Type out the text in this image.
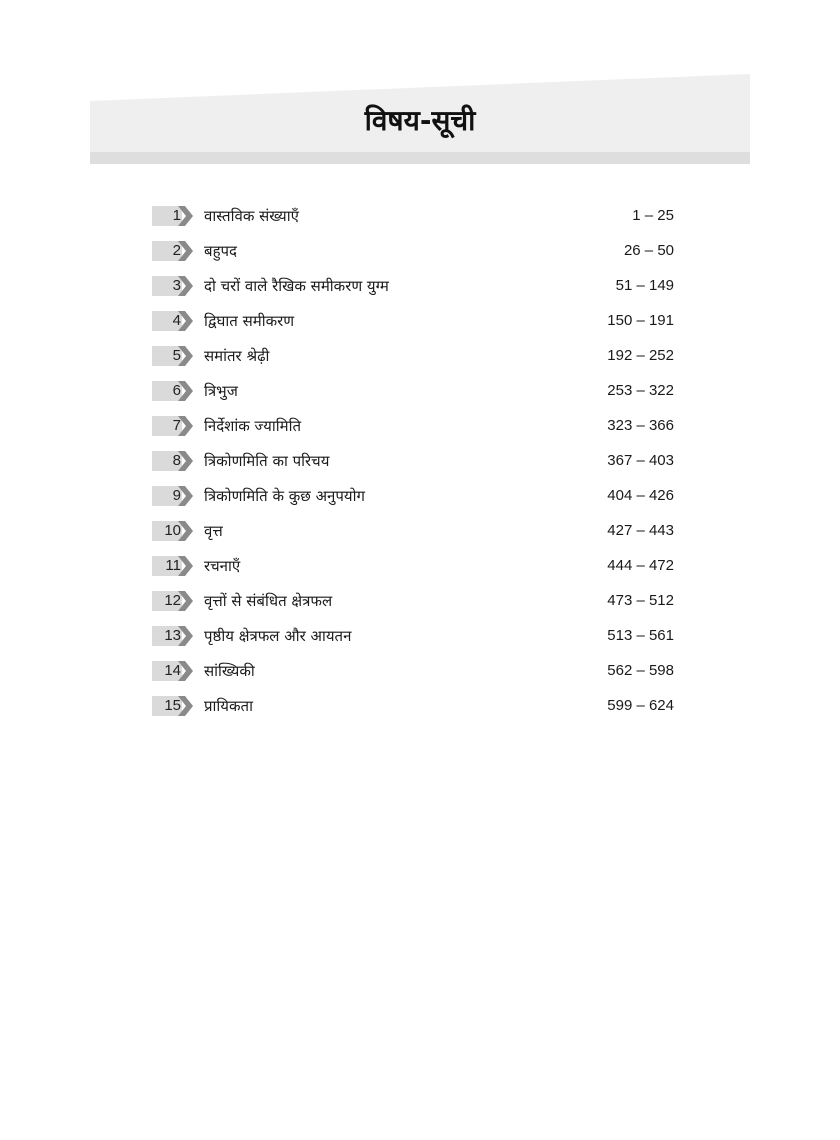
विषय-सूची
1 वास्तविक संख्याएँ	1 – 25
2 बहुपद	26 – 50
3 दो चरों वाले रैखिक समीकरण युग्म	51 – 149
4 द्विघात समीकरण	150 – 191
5 समांतर श्रेढ़ी	192 – 252
6 त्रिभुज	253 – 322
7 निर्देशांक ज्यामिति	323 – 366
8 त्रिकोणमिति का परिचय	367 – 403
9 त्रिकोणमिति के कुछ अनुपयोग	404 – 426
10 वृत्त	427 – 443
11 रचनाएँ	444 – 472
12 वृत्तों से संबंधित क्षेत्रफल	473 – 512
13 पृष्ठीय क्षेत्रफल और आयतन	513 – 561
14 सांख्यिकी	562 – 598
15 प्रायिकता	599 – 624
